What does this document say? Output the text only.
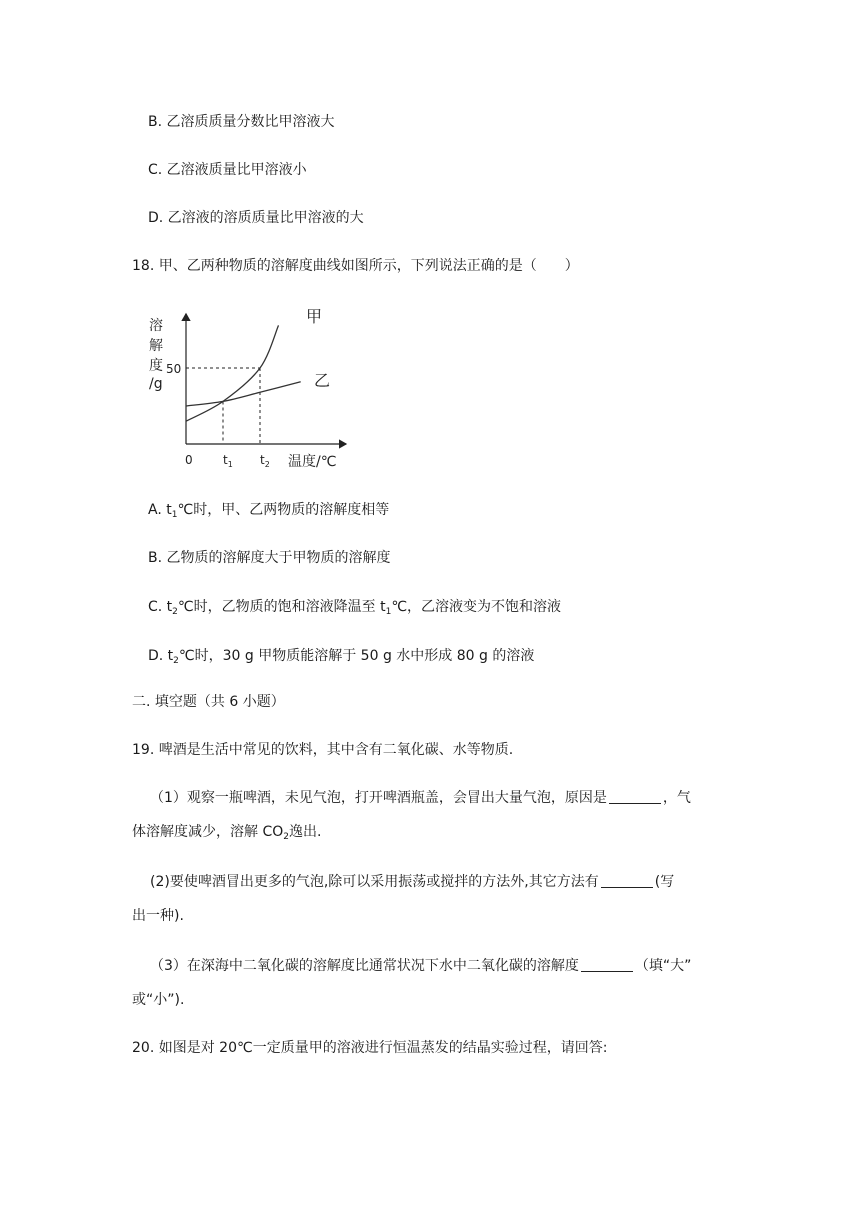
B. 乙溶质质量分数比甲溶液大
C. 乙溶液质量比甲溶液小
D. 乙溶液的溶质质量比甲溶液的大
18. 甲、乙两种物质的溶解度曲线如图所示，下列说法正确的是（　　）
溶
解
度
/g
50
0	$t_1$ $t_2$ 温度/℃
甲
乙
A. $t_1℃$时，甲、乙两物质的溶解度相等
B. 乙物质的溶解度大于甲物质的溶解度
C. $t_2℃$时，乙物质的饱和溶液降温至 $t_1℃$，乙溶液变为不饱和溶液
D. $t_2℃$时，30 g 甲物质能溶解于 50 g 水中形成 80 g 的溶液
二. 填空题（共 6 小题）
19. 啤酒是生活中常见的饮料，其中含有二氧化碳、水等物质.
（1）观察一瓶啤酒，未见气泡，打开啤酒瓶盖，会冒出大量气泡，原因是	，气
体溶解度减少，溶解 $CO_2$逸出.
(2)要使啤酒冒出更多的气泡,除可以采用振荡或搅拌的方法外,其它方法有	(写
出一种).
（3）在深海中二氧化碳的溶解度比通常状况下水中二氧化碳的溶解度	（填“大”
或“小”).
20. 如图是对 20℃一定质量甲的溶液进行恒温蒸发的结晶实验过程，请回答:
